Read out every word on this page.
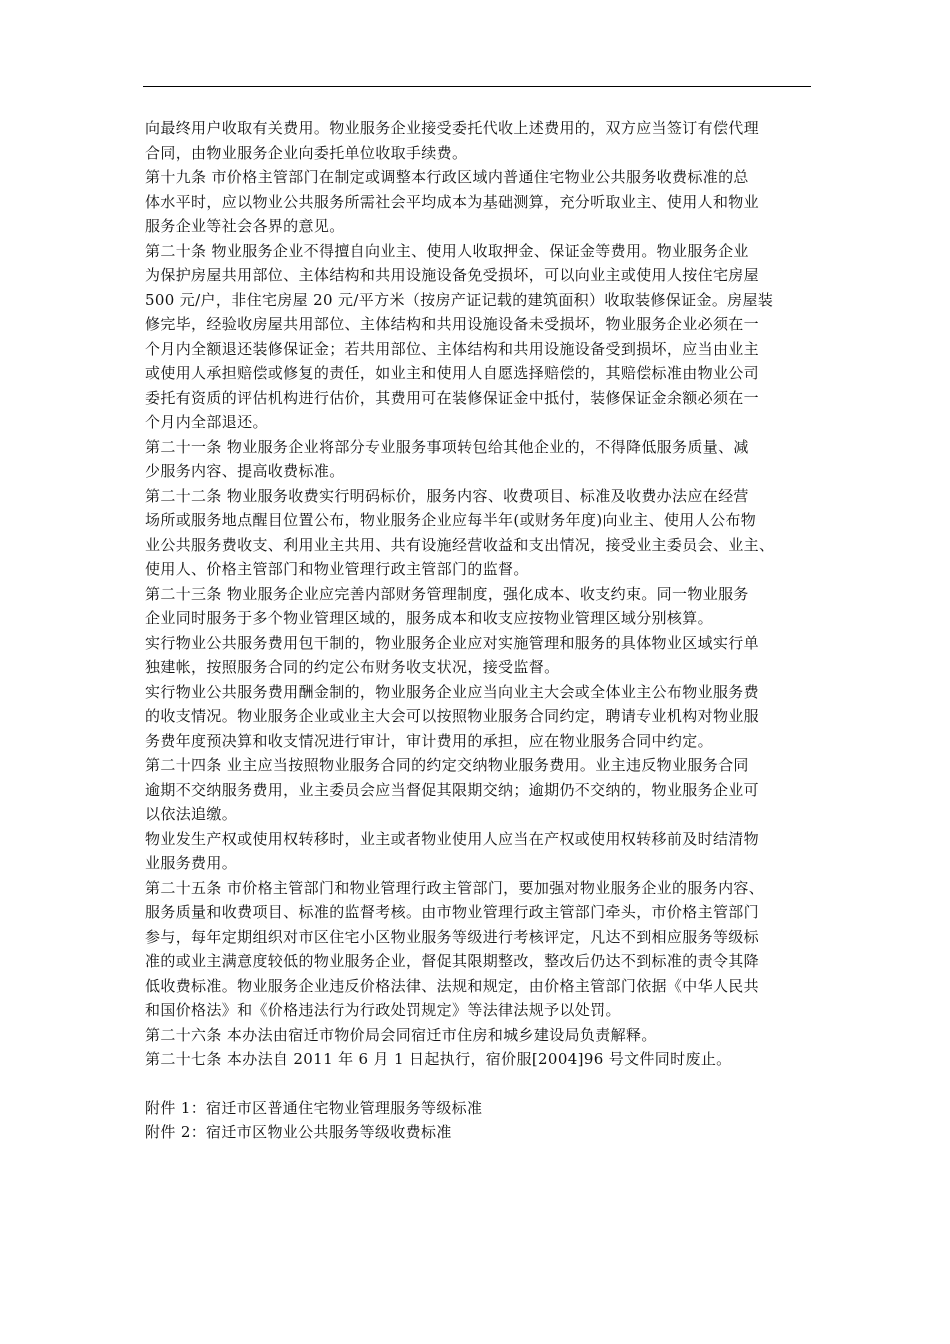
向最终用户收取有关费用。物业服务企业接受委托代收上述费用的，双方应当签订有偿代理
合同，由物业服务企业向委托单位收取手续费。
第十九条 市价格主管部门在制定或调整本行政区域内普通住宅物业公共服务收费标准的总
体水平时，应以物业公共服务所需社会平均成本为基础测算，充分听取业主、使用人和物业
服务企业等社会各界的意见。
第二十条 物业服务企业不得擅自向业主、使用人收取押金、保证金等费用。物业服务企业
为保护房屋共用部位、主体结构和共用设施设备免受损坏，可以向业主或使用人按住宅房屋
500 元/户，非住宅房屋 20 元/平方米（按房产证记载的建筑面积）收取装修保证金。房屋装
修完毕，经验收房屋共用部位、主体结构和共用设施设备未受损坏，物业服务企业必须在一
个月内全额退还装修保证金；若共用部位、主体结构和共用设施设备受到损坏，应当由业主
或使用人承担赔偿或修复的责任，如业主和使用人自愿选择赔偿的，其赔偿标准由物业公司
委托有资质的评估机构进行估价，其费用可在装修保证金中抵付，装修保证金余额必须在一
个月内全部退还。
第二十一条 物业服务企业将部分专业服务事项转包给其他企业的，不得降低服务质量、减
少服务内容、提高收费标准。
第二十二条 物业服务收费实行明码标价，服务内容、收费项目、标准及收费办法应在经营
场所或服务地点醒目位置公布，物业服务企业应每半年(或财务年度)向业主、使用人公布物
业公共服务费收支、利用业主共用、共有设施经营收益和支出情况，接受业主委员会、业主、
使用人、价格主管部门和物业管理行政主管部门的监督。
第二十三条 物业服务企业应完善内部财务管理制度，强化成本、收支约束。同一物业服务
企业同时服务于多个物业管理区域的，服务成本和收支应按物业管理区域分别核算。
实行物业公共服务费用包干制的，物业服务企业应对实施管理和服务的具体物业区域实行单
独建帐，按照服务合同的约定公布财务收支状况，接受监督。
实行物业公共服务费用酬金制的，物业服务企业应当向业主大会或全体业主公布物业服务费
的收支情况。物业服务企业或业主大会可以按照物业服务合同约定，聘请专业机构对物业服
务费年度预决算和收支情况进行审计，审计费用的承担，应在物业服务合同中约定。
第二十四条 业主应当按照物业服务合同的约定交纳物业服务费用。业主违反物业服务合同
逾期不交纳服务费用，业主委员会应当督促其限期交纳；逾期仍不交纳的，物业服务企业可
以依法追缴。
物业发生产权或使用权转移时，业主或者物业使用人应当在产权或使用权转移前及时结清物
业服务费用。
第二十五条 市价格主管部门和物业管理行政主管部门，要加强对物业服务企业的服务内容、
服务质量和收费项目、标准的监督考核。由市物业管理行政主管部门牵头，市价格主管部门
参与，每年定期组织对市区住宅小区物业服务等级进行考核评定，凡达不到相应服务等级标
准的或业主满意度较低的物业服务企业，督促其限期整改，整改后仍达不到标准的责令其降
低收费标准。物业服务企业违反价格法律、法规和规定，由价格主管部门依据《中华人民共
和国价格法》和《价格违法行为行政处罚规定》等法律法规予以处罚。
第二十六条 本办法由宿迁市物价局会同宿迁市住房和城乡建设局负责解释。
第二十七条 本办法自 2011 年 6 月 1 日起执行，宿价服[2004]96 号文件同时废止。
附件 1：宿迁市区普通住宅物业管理服务等级标准
附件 2：宿迁市区物业公共服务等级收费标准
